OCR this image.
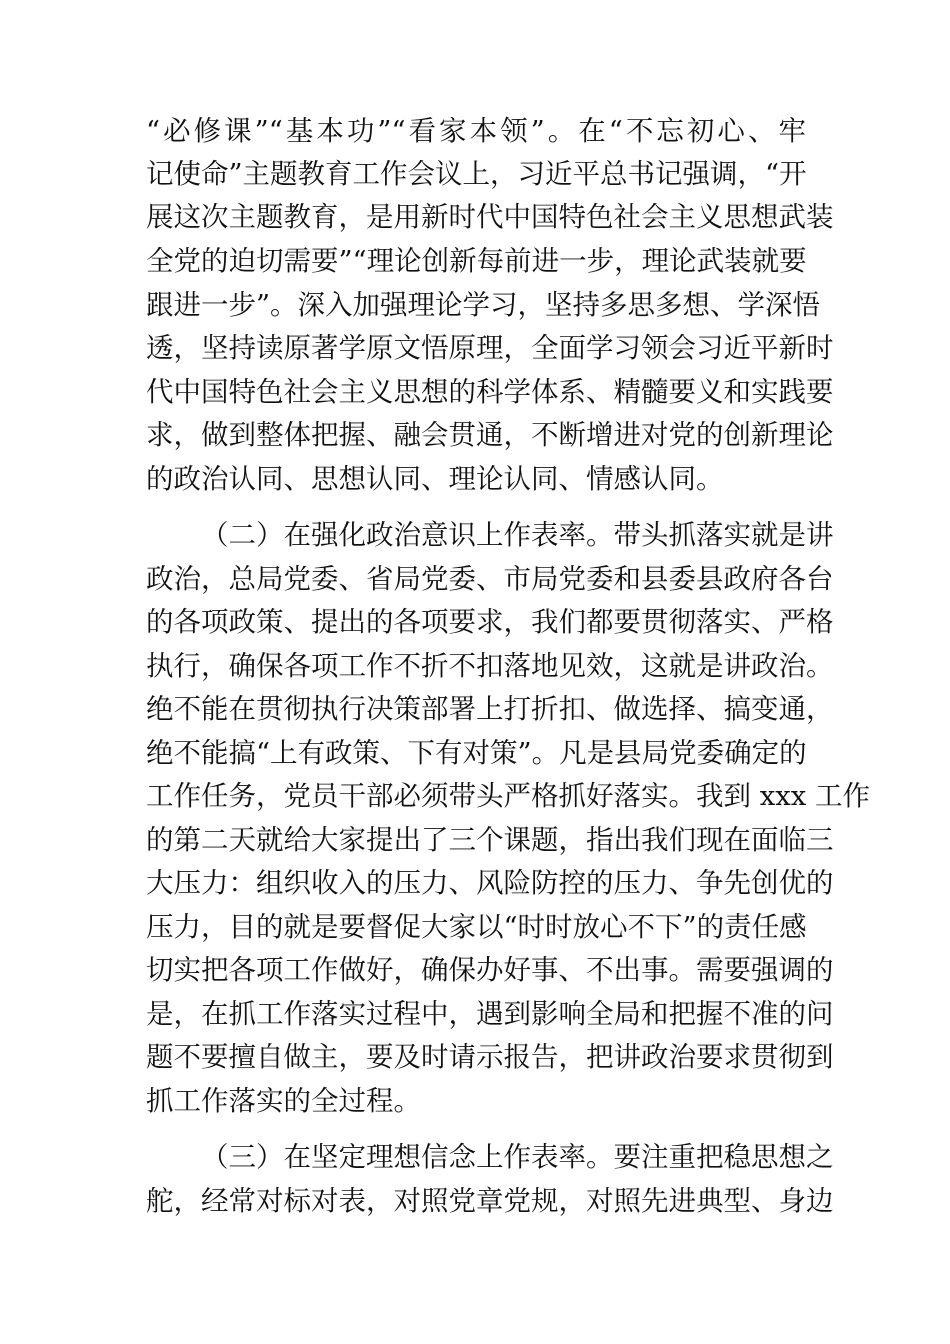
“必修课”“基本功”“看家本领”。在“不忘初心、牢
记使命”主题教育工作会议上，习近平总书记强调，“开
展这次主题教育，是用新时代中国特色社会主义思想武装
全党的迫切需要”“理论创新每前进一步，理论武装就要
跟进一步”。深入加强理论学习，坚持多思多想、学深悟
透，坚持读原著学原文悟原理，全面学习领会习近平新时
代中国特色社会主义思想的科学体系、精髓要义和实践要
求，做到整体把握、融会贯通，不断增进对党的创新理论
的政治认同、思想认同、理论认同、情感认同。
（二）在强化政治意识上作表率。带头抓落实就是讲
政治，总局党委、省局党委、市局党委和县委县政府各台
的各项政策、提出的各项要求，我们都要贯彻落实、严格
执行，确保各项工作不折不扣落地见效，这就是讲政治。
绝不能在贯彻执行决策部署上打折扣、做选择、搞变通，
绝不能搞“上有政策、下有对策”。凡是县局党委确定的
工作任务，党员干部必须带头严格抓好落实。我到 xxx 工作
的第二天就给大家提出了三个课题，指出我们现在面临三
大压力：组织收入的压力、风险防控的压力、争先创优的
压力，目的就是要督促大家以“时时放心不下”的责任感
切实把各项工作做好，确保办好事、不出事。需要强调的
是，在抓工作落实过程中，遇到影响全局和把握不准的问
题不要擅自做主，要及时请示报告，把讲政治要求贯彻到
抓工作落实的全过程。
（三）在坚定理想信念上作表率。要注重把稳思想之
舵，经常对标对表，对照党章党规，对照先进典型、身边
